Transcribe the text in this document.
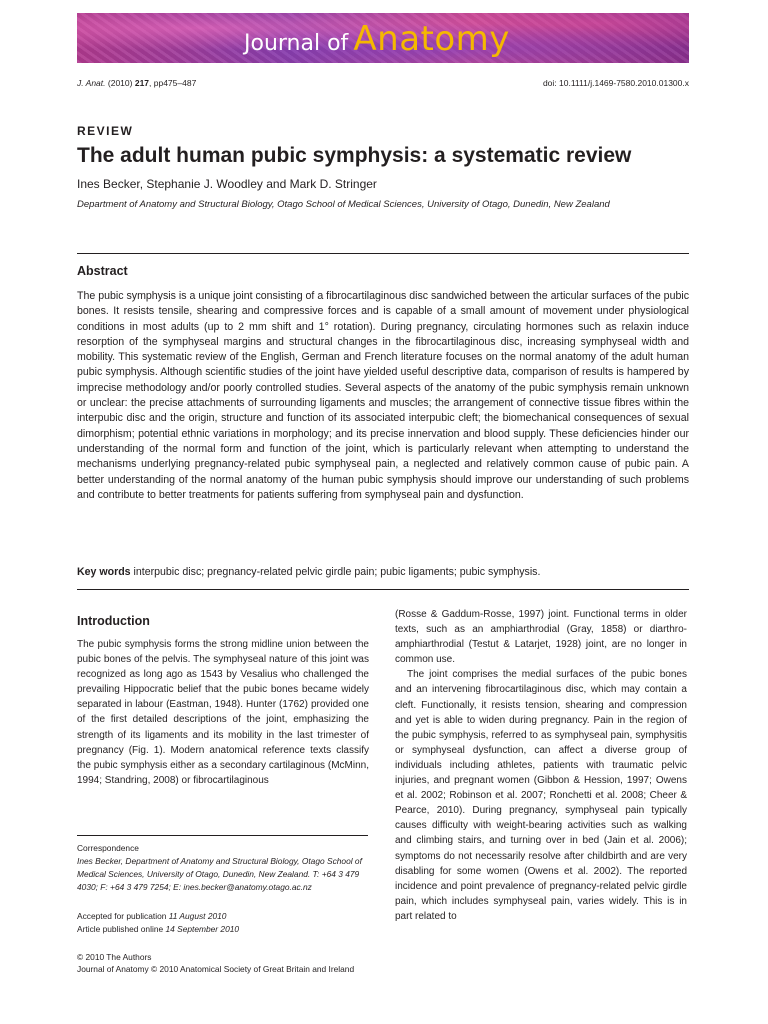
Journal of Anatomy
J. Anat. (2010) 217, pp475–487	doi: 10.1111/j.1469-7580.2010.01300.x
REVIEW
The adult human pubic symphysis: a systematic review
Ines Becker, Stephanie J. Woodley and Mark D. Stringer
Department of Anatomy and Structural Biology, Otago School of Medical Sciences, University of Otago, Dunedin, New Zealand
Abstract
The pubic symphysis is a unique joint consisting of a fibrocartilaginous disc sandwiched between the articular surfaces of the pubic bones. It resists tensile, shearing and compressive forces and is capable of a small amount of movement under physiological conditions in most adults (up to 2 mm shift and 1° rotation). During pregnancy, circulating hormones such as relaxin induce resorption of the symphyseal margins and structural changes in the fibrocartilaginous disc, increasing symphyseal width and mobility. This systematic review of the English, German and French literature focuses on the normal anatomy of the adult human pubic symphysis. Although scientific studies of the joint have yielded useful descriptive data, comparison of results is hampered by imprecise methodology and/or poorly controlled studies. Several aspects of the anatomy of the pubic symphysis remain unknown or unclear: the precise attachments of surrounding ligaments and muscles; the arrangement of connective tissue fibres within the interpubic disc and the origin, structure and function of its associated interpubic cleft; the biomechanical consequences of sexual dimorphism; potential ethnic variations in morphology; and its precise innervation and blood supply. These deficiencies hinder our understanding of the normal form and function of the joint, which is particularly relevant when attempting to understand the mechanisms underlying pregnancy-related pubic symphyseal pain, a neglected and relatively common cause of pubic pain. A better understanding of the normal anatomy of the human pubic symphysis should improve our understanding of such problems and contribute to better treatments for patients suffering from symphyseal pain and dysfunction.
Key words interpubic disc; pregnancy-related pelvic girdle pain; pubic ligaments; pubic symphysis.
Introduction

The pubic symphysis forms the strong midline union between the pubic bones of the pelvis. The symphyseal nature of this joint was recognized as long ago as 1543 by Vesalius who challenged the prevailing Hippocratic belief that the pubic bones became widely separated in labour (Eastman, 1948). Hunter (1762) provided one of the first detailed descriptions of the joint, emphasizing the strength of its ligaments and its mobility in the last trimester of pregnancy (Fig. 1). Modern anatomical reference texts classify the pubic symphysis either as a secondary cartilaginous (McMinn, 1994; Standring, 2008) or fibrocartilaginous

(Rosse & Gaddum-Rosse, 1997) joint. Functional terms in older texts, such as an amphiarthrodial (Gray, 1858) or diarthro-amphiarthrodial (Testut & Latarjet, 1928) joint, are no longer in common use.

The joint comprises the medial surfaces of the pubic bones and an intervening fibrocartilaginous disc, which may contain a cleft. Functionally, it resists tension, shearing and compression and yet is able to widen during pregnancy. Pain in the region of the pubic symphysis, referred to as symphyseal pain, symphysitis or symphyseal dysfunction, can affect a diverse group of individuals including athletes, patients with traumatic pelvic injuries, and pregnant women (Gibbon & Hession, 1997; Owens et al. 2002; Robinson et al. 2007; Ronchetti et al. 2008; Cheer & Pearce, 2010). During pregnancy, symphyseal pain typically causes difficulty with weight-bearing activities such as walking and climbing stairs, and turning over in bed (Jain et al. 2006); symptoms do not necessarily resolve after childbirth and are very disabling for some women (Owens et al. 2002). The reported incidence and point prevalence of pregnancy-related pelvic girdle pain, which includes symphyseal pain, varies widely. This is in part related to

Correspondence
Ines Becker, Department of Anatomy and Structural Biology, Otago School of Medical Sciences, University of Otago, Dunedin, New Zealand. T: +64 3 479 4030; F: +64 3 479 7254; E: ines.becker@anatomy.otago.ac.nz
Accepted for publication 11 August 2010
Article published online 14 September 2010
© 2010 The Authors
Journal of Anatomy © 2010 Anatomical Society of Great Britain and Ireland
